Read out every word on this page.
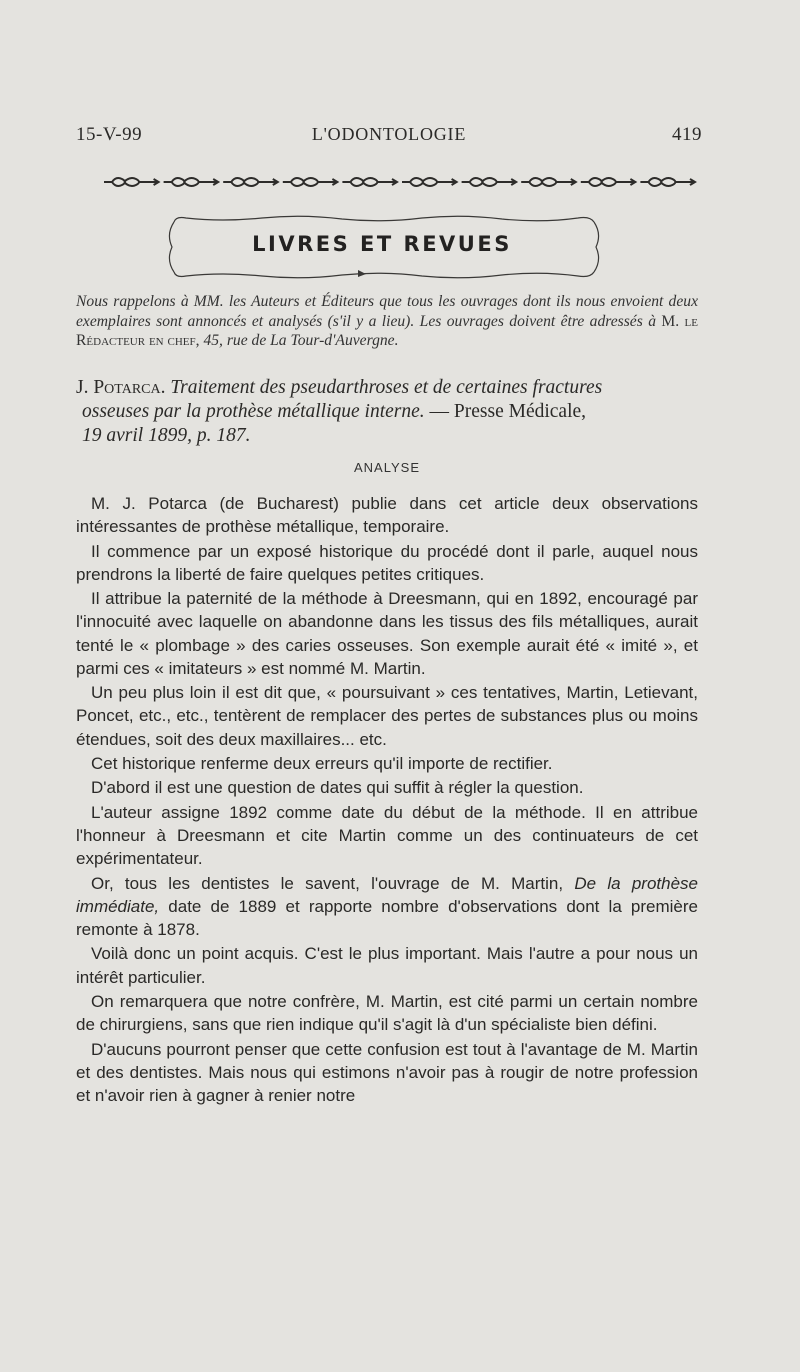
15-V-99	L'ODONTOLOGIE	419
LIVRES ET REVUES
Nous rappelons à MM. les Auteurs et Éditeurs que tous les ouvrages dont ils nous envoient deux exemplaires sont annoncés et analysés (s'il y a lieu). Les ouvrages doivent être adressés à M. le Rédacteur en chef, 45, rue de La Tour-d'Auvergne.
J. Potarca. Traitement des pseudarthroses et de certaines fractures
osseuses par la prothèse métallique interne. — Presse Médicale,
19 avril 1899, p. 187.
ANALYSE

M. J. Potarca (de Bucharest) publie dans cet article deux observations intéressantes de prothèse métallique, temporaire.

Il commence par un exposé historique du procédé dont il parle, auquel nous prendrons la liberté de faire quelques petites critiques.

Il attribue la paternité de la méthode à Dreesmann, qui en 1892, encouragé par l'innocuité avec laquelle on abandonne dans les tissus des fils métalliques, aurait tenté le « plombage » des caries osseuses. Son exemple aurait été « imité », et parmi ces « imitateurs » est nommé M. Martin.

Un peu plus loin il est dit que, « poursuivant » ces tentatives, Martin, Letievant, Poncet, etc., etc., tentèrent de remplacer des pertes de substances plus ou moins étendues, soit des deux maxillaires... etc.

Cet historique renferme deux erreurs qu'il importe de rectifier.

D'abord il est une question de dates qui suffit à régler la question.

L'auteur assigne 1892 comme date du début de la méthode. Il en attribue l'honneur à Dreesmann et cite Martin comme un des continuateurs de cet expérimentateur.

Or, tous les dentistes le savent, l'ouvrage de M. Martin, De la prothèse immédiate, date de 1889 et rapporte nombre d'observations dont la première remonte à 1878.

Voilà donc un point acquis. C'est le plus important. Mais l'autre a pour nous un intérêt particulier.

On remarquera que notre confrère, M. Martin, est cité parmi un certain nombre de chirurgiens, sans que rien indique qu'il s'agit là d'un spécialiste bien défini.

D'aucuns pourront penser que cette confusion est tout à l'avantage de M. Martin et des dentistes. Mais nous qui estimons n'avoir pas à rougir de notre profession et n'avoir rien à gagner à renier notre
